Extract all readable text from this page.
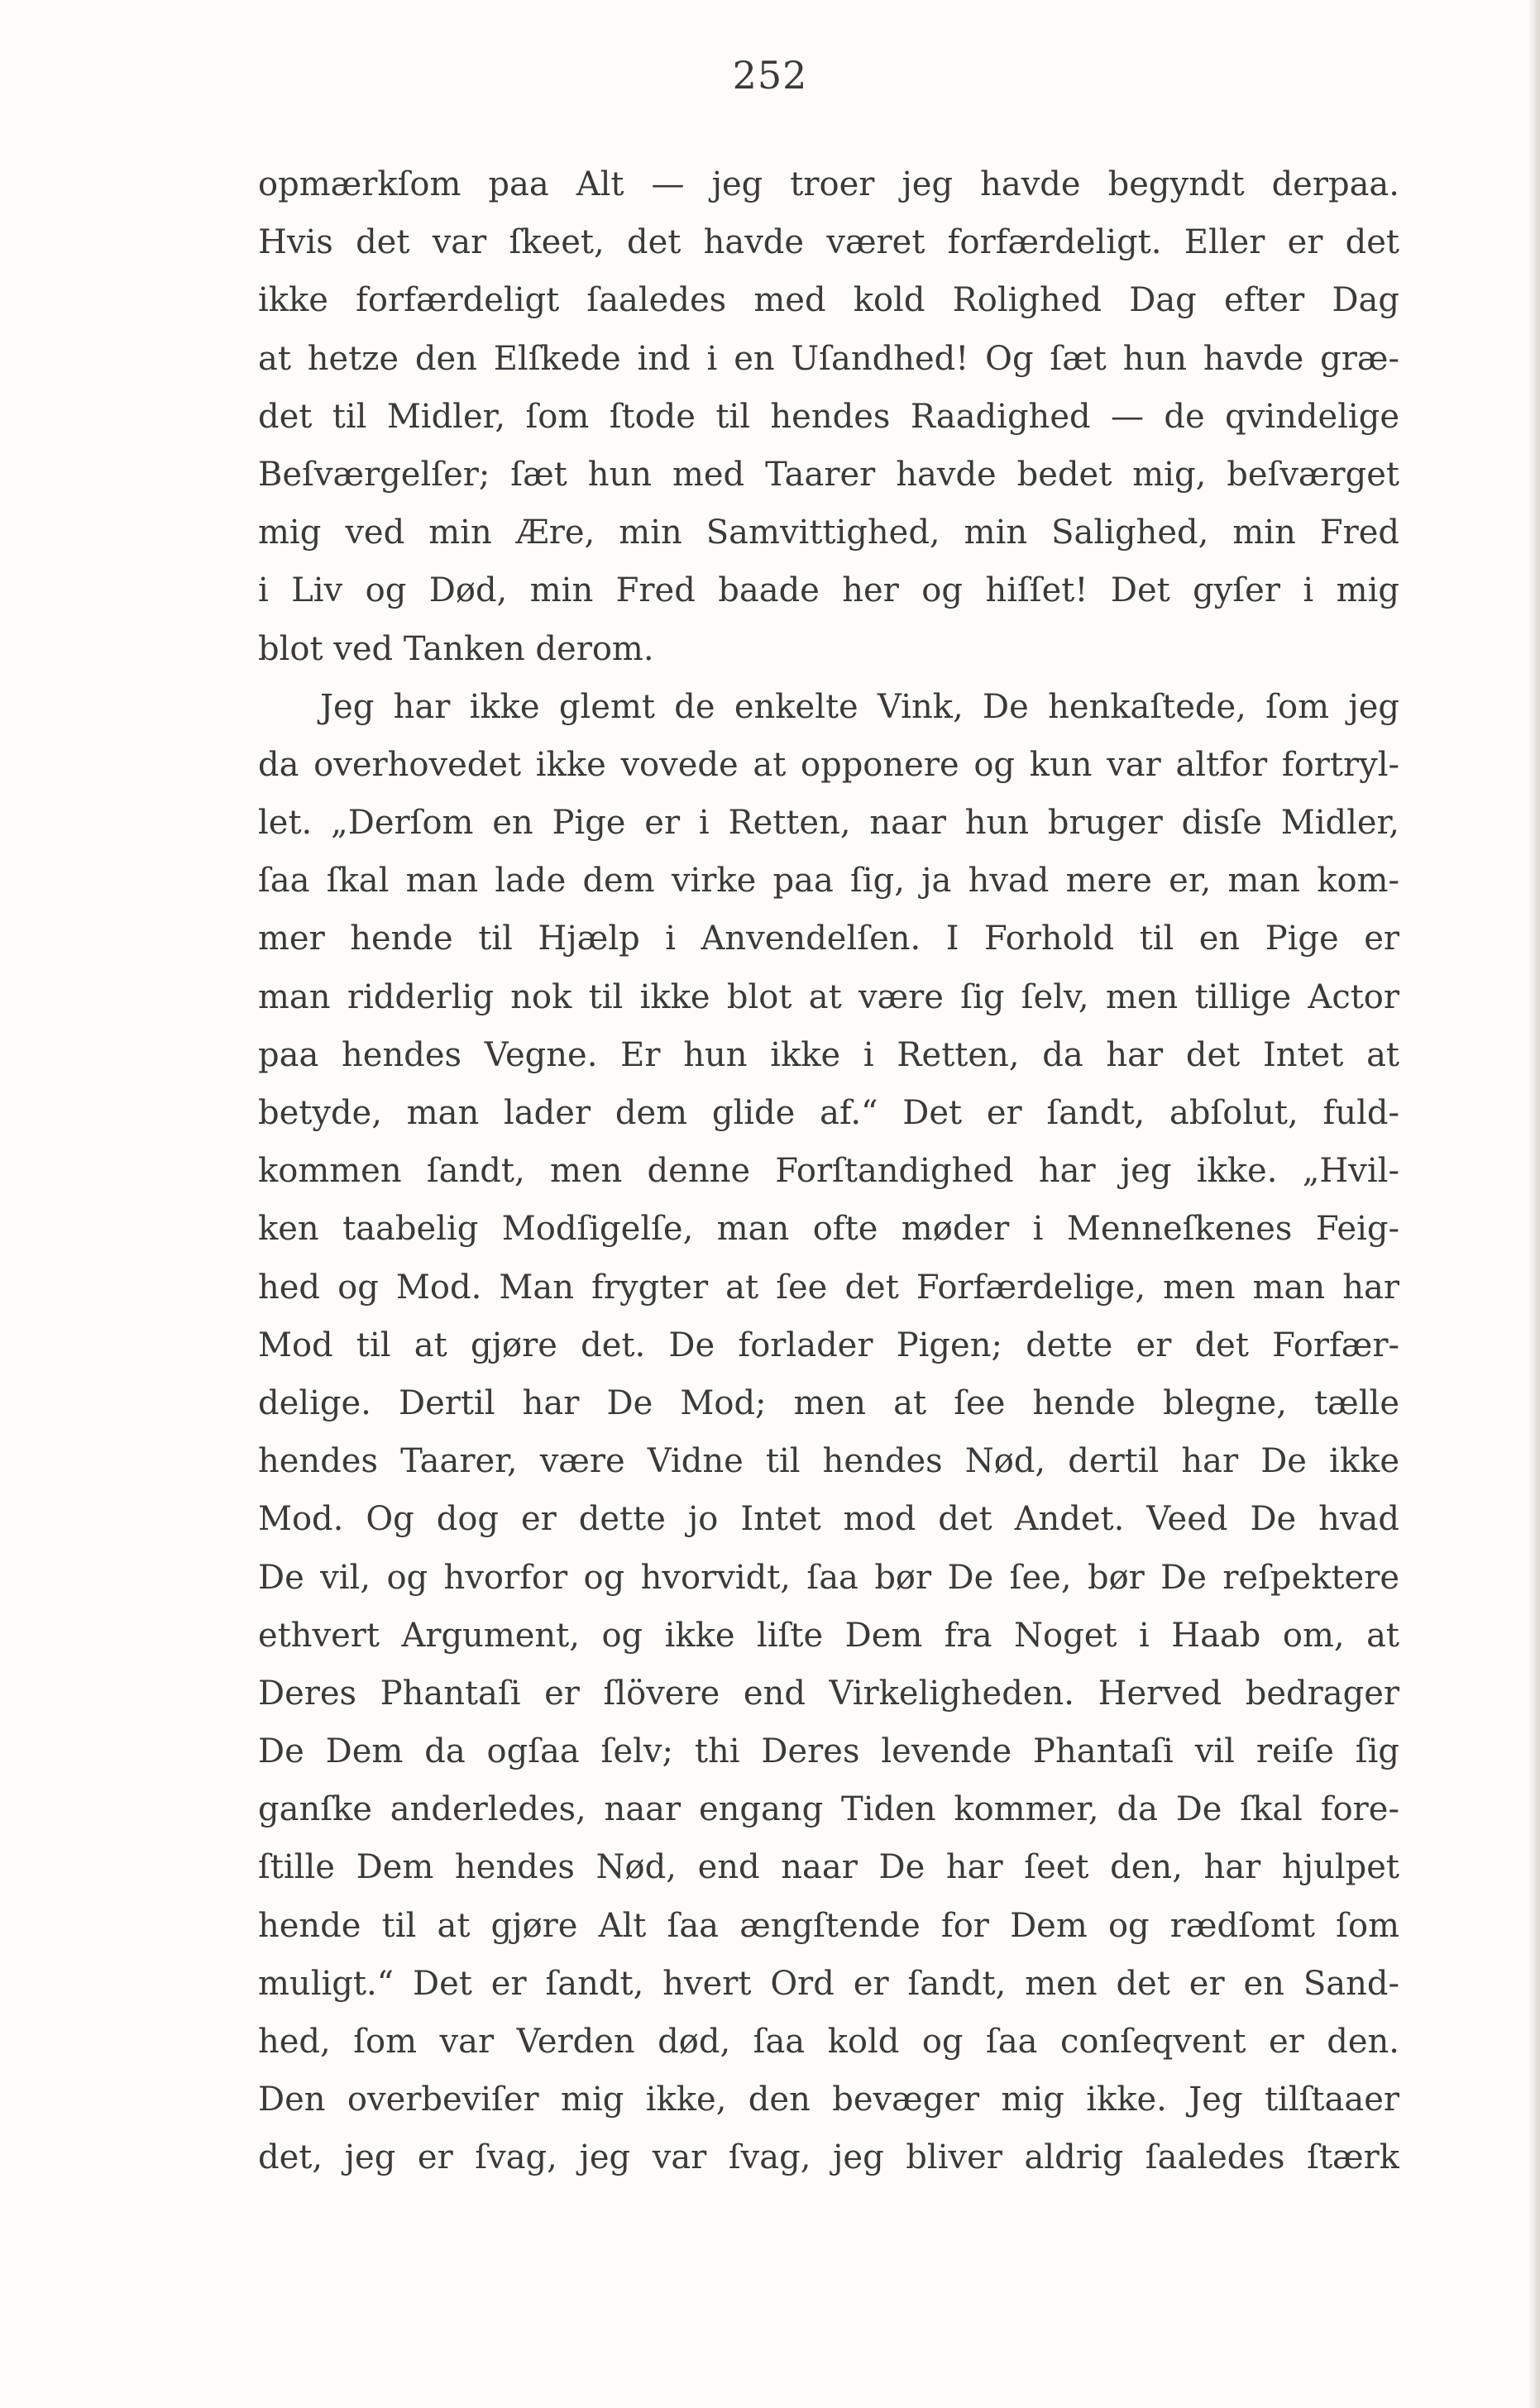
252
opmærkſom paa Alt — jeg troer jeg havde begyndt derpaa.
Hvis det var ſkeet, det havde været forfærdeligt. Eller er det
ikke forfærdeligt ſaaledes med kold Rolighed Dag efter Dag
at hetze den Elſkede ind i en Uſandhed! Og ſæt hun havde græ-
det til Midler, ſom ſtode til hendes Raadighed — de qvindelige
Beſværgelſer; ſæt hun med Taarer havde bedet mig, beſværget
mig ved min Ære, min Samvittighed, min Salighed, min Fred
i Liv og Død, min Fred baade her og hiſſet! Det gyſer i mig
blot ved Tanken derom.
Jeg har ikke glemt de enkelte Vink, De henkaſtede, ſom jeg
da overhovedet ikke vovede at opponere og kun var altfor fortryl-
let. „Derſom en Pige er i Retten, naar hun bruger disſe Midler,
ſaa ſkal man lade dem virke paa ſig, ja hvad mere er, man kom-
mer hende til Hjælp i Anvendelſen. I Forhold til en Pige er
man ridderlig nok til ikke blot at være ſig ſelv, men tillige Actor
paa hendes Vegne. Er hun ikke i Retten, da har det Intet at
betyde, man lader dem glide af.“ Det er ſandt, abſolut, fuld-
kommen ſandt, men denne Forſtandighed har jeg ikke. „Hvil-
ken taabelig Modſigelſe, man ofte møder i Menneſkenes Feig-
hed og Mod. Man frygter at ſee det Forfærdelige, men man har
Mod til at gjøre det. De forlader Pigen; dette er det Forfær-
delige. Dertil har De Mod; men at ſee hende blegne, tælle
hendes Taarer, være Vidne til hendes Nød, dertil har De ikke
Mod. Og dog er dette jo Intet mod det Andet. Veed De hvad
De vil, og hvorfor og hvorvidt, ſaa bør De ſee, bør De reſpektere
ethvert Argument, og ikke liſte Dem fra Noget i Haab om, at
Deres Phantaſi er ſlövere end Virkeligheden. Herved bedrager
De Dem da ogſaa ſelv; thi Deres levende Phantaſi vil reiſe ſig
ganſke anderledes, naar engang Tiden kommer, da De ſkal fore-
ſtille Dem hendes Nød, end naar De har ſeet den, har hjulpet
hende til at gjøre Alt ſaa ængſtende for Dem og rædſomt ſom
muligt.“ Det er ſandt, hvert Ord er ſandt, men det er en Sand-
hed, ſom var Verden død, ſaa kold og ſaa conſeqvent er den.
Den overbeviſer mig ikke, den bevæger mig ikke. Jeg tilſtaaer
det, jeg er ſvag, jeg var ſvag, jeg bliver aldrig ſaaledes ſtærk
